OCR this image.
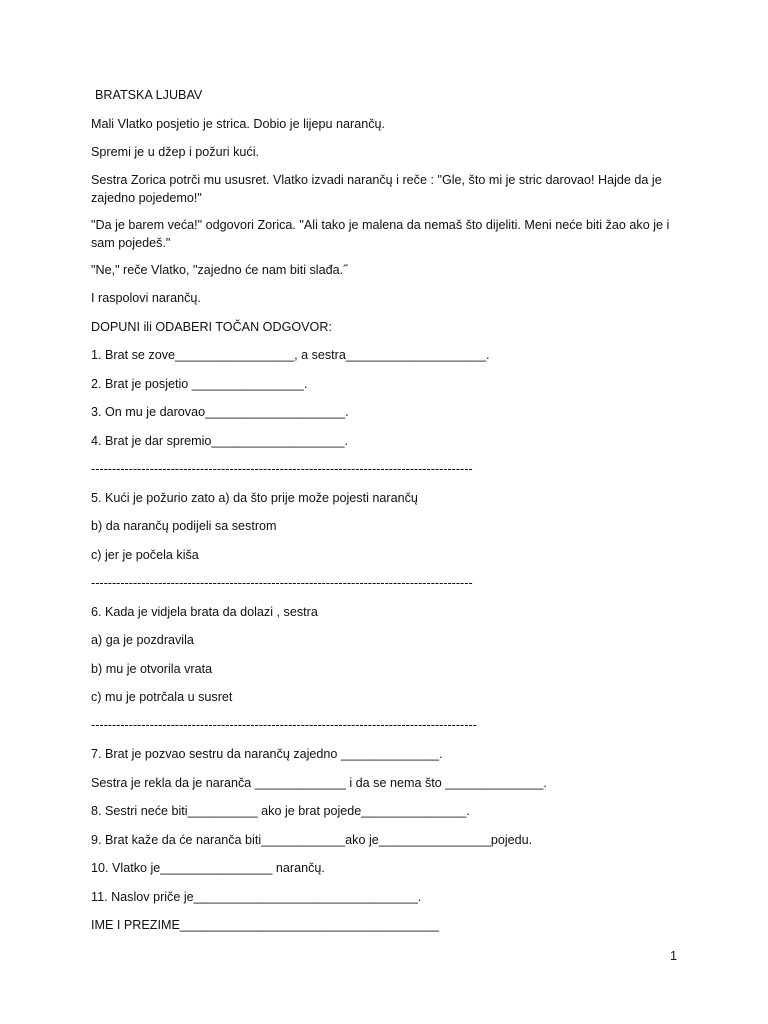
BRATSKA LJUBAV
Mali Vlatko posjetio je strica. Dobio je lijepu narančų.
Spremi je u džep i požuri kući.
Sestra Zorica potrči mu ususret. Vlatko izvadi narančų i reče : "Gle, što mi je stric darovao! Hajde da je zajedno pojedemo!"
"Da je barem veća!" odgovori Zorica. "Ali tako je malena da nemaš što dijeliti. Meni neće biti žao ako je i sam pojedeš."
"Ne," reče Vlatko, "zajedno će nam biti slađa.˝
I raspolovi narančų.
DOPUNI ili ODABERI TOČAN ODGOVOR:
1. Brat se zove_________________, a sestra____________________.
2. Brat je posjetio ________________.
3. On mu je darovao____________________.
4. Brat je dar spremio___________________.
-------------------------------------------------------------------------------------------
5. Kući je požurio zato a) da što prije može pojesti narančų
b) da narančų podijeli sa sestrom
c) jer je počela kiša
-------------------------------------------------------------------------------------------
6. Kada je vidjela brata da dolazi , sestra
a) ga je pozdravila
b) mu je otvorila vrata
c) mu je potrčala u susret
--------------------------------------------------------------------------------------------
7. Brat je pozvao sestru da narančų zajedno ______________.
Sestra je rekla da je naranča _____________ i da se nema što ______________.
8. Sestri neće biti__________ ako je brat pojede_______________.
9. Brat kaže da će naranča biti____________ako je________________pojedu.
10. Vlatko je________________ narančų.
11. Naslov priče je________________________________.
IME I PREZIME_____________________________________
1
